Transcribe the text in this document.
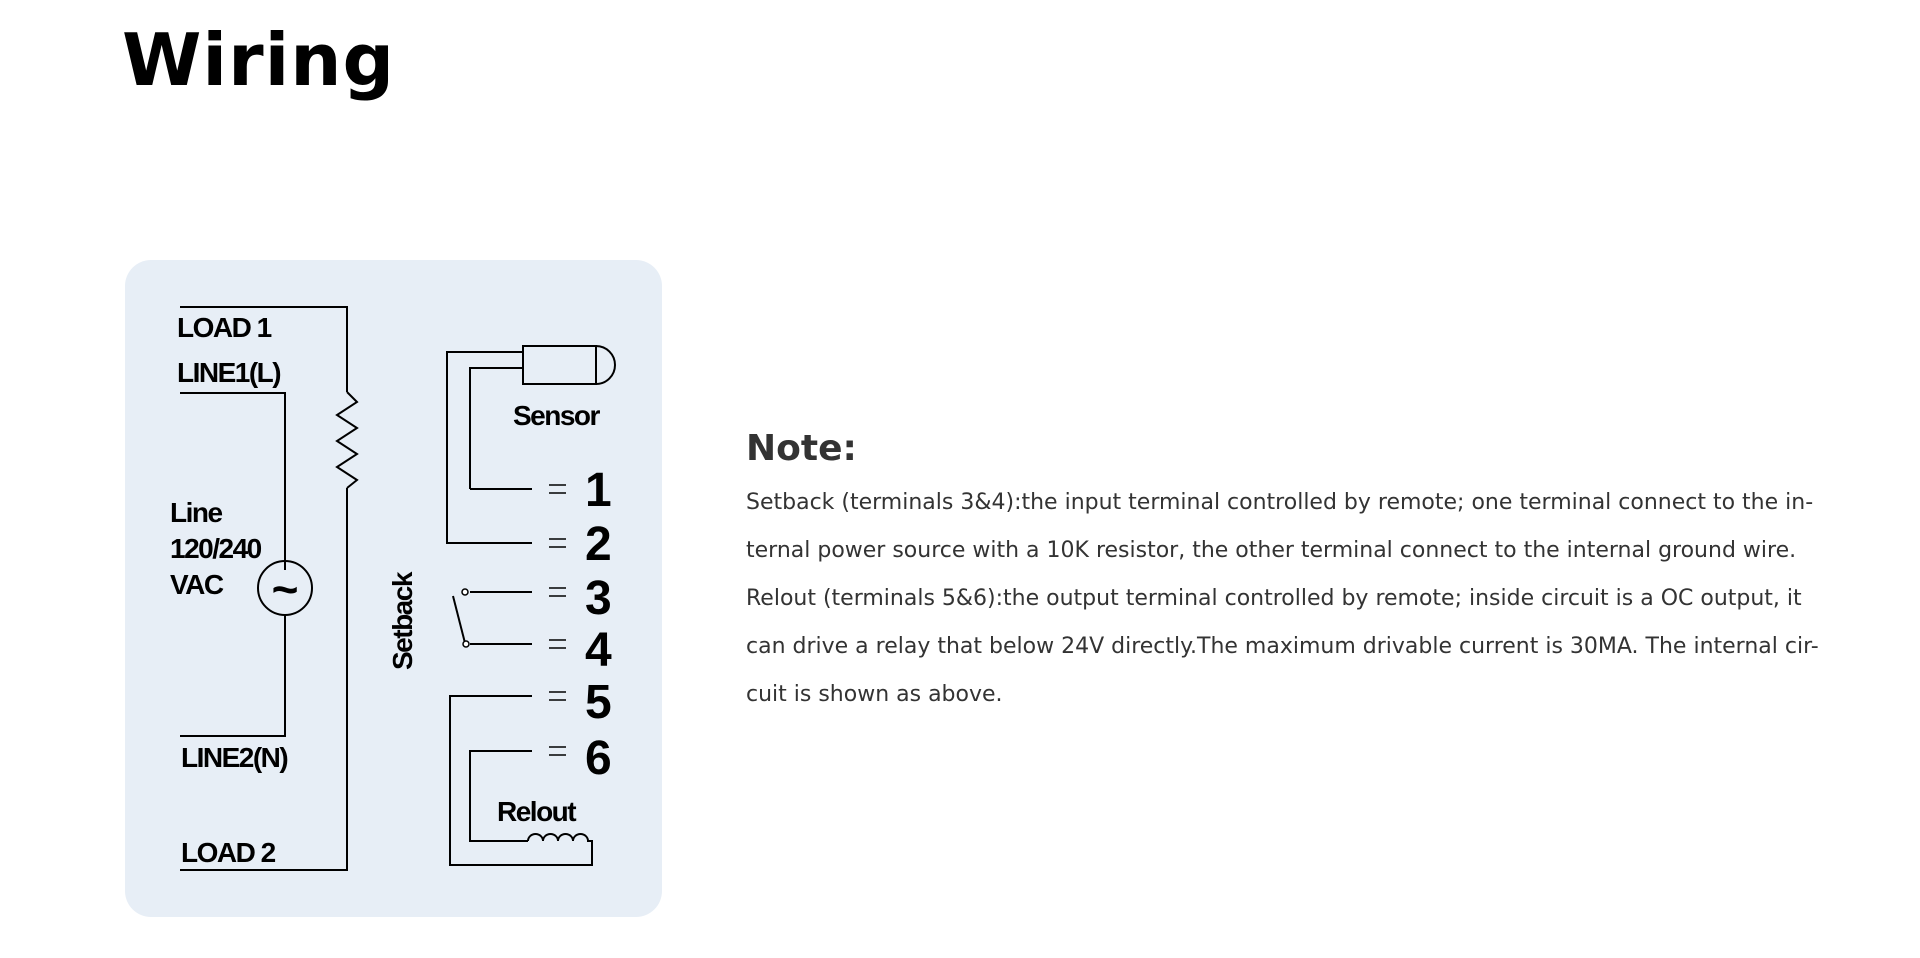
Wiring
LOAD 1
LINE1(L)
Line
120/240
VAC ~
LINE2(N)
LOAD 2
Sensor
Setback
Relout
1
2
3
4
5
6
Note:
Setback (terminals 3&4):the input terminal controlled by remote; one terminal connect to the in-
ternal power source with a 10K resistor, the other terminal connect to the internal ground wire.
Relout (terminals 5&6):the output terminal controlled by remote; inside circuit is a OC output, it
can drive a relay that below 24V directly.The maximum drivable current is 30MA. The internal cir-
cuit is shown as above.
